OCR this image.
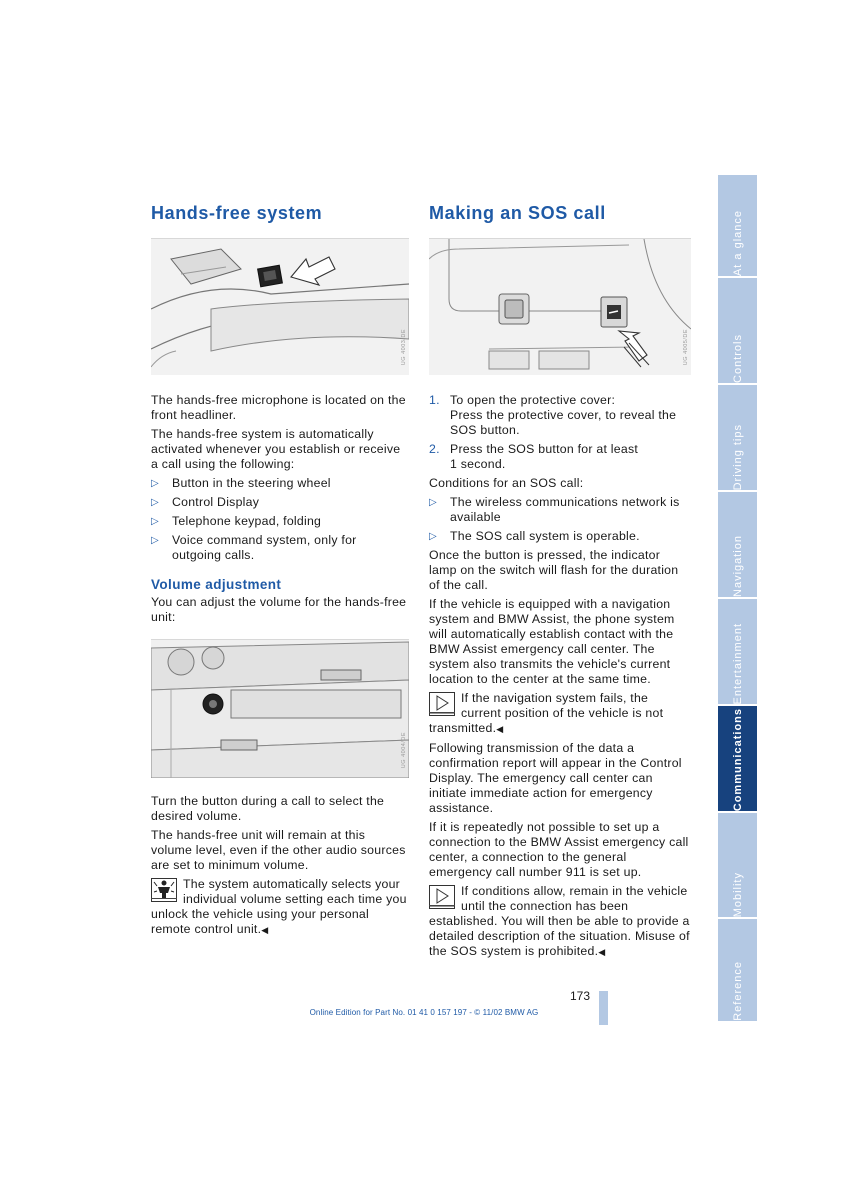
Hands-free system
UG 4003/DE

The hands-free microphone is located on the front headliner.

The hands-free system is automatically activated whenever you establish or receive a call using the following:

▷ Button in the steering wheel
▷ Control Display
▷ Telephone keypad, folding
▷ Voice command system, only for outgoing calls.
Volume adjustment

You can adjust the volume for the hands-free unit:

UG 4004/DE

Turn the button during a call to select the desired volume.

The hands-free unit will remain at this volume level, even if the other audio sources are set to minimum volume.

The system automatically selects your individual volume setting each time you unlock the vehicle using your personal remote control unit.◀
Making an SOS call
UG 4005/DE
1. To open the protective cover:
Press the protective cover, to reveal the SOS button.
2. Press the SOS button for at least
1 second.

Conditions for an SOS call:

▷ The wireless communications network is available
▷ The SOS call system is operable.

Once the button is pressed, the indicator lamp on the switch will flash for the duration of the call.

If the vehicle is equipped with a navigation system and BMW Assist, the phone system will automatically establish contact with the BMW Assist emergency call center. The system also transmits the vehicle's current location to the center at the same time.

If the navigation system fails, the current position of the vehicle is not transmitted.◀

Following transmission of the data a confirmation report will appear in the Control Display. The emergency call center can initiate immediate action for emergency assistance.

If it is repeatedly not possible to set up a connection to the BMW Assist emergency call center, a connection to the general emergency call number 911 is set up.

If conditions allow, remain in the vehicle until the connection has been established. You will then be able to provide a detailed description of the situation. Misuse of the SOS system is prohibited.◀
At a glance
Controls
Driving tips
Navigation
Entertainment
Communications
Mobility
Reference
173
Online Edition for Part No. 01 41 0 157 197 - © 11/02 BMW AG
